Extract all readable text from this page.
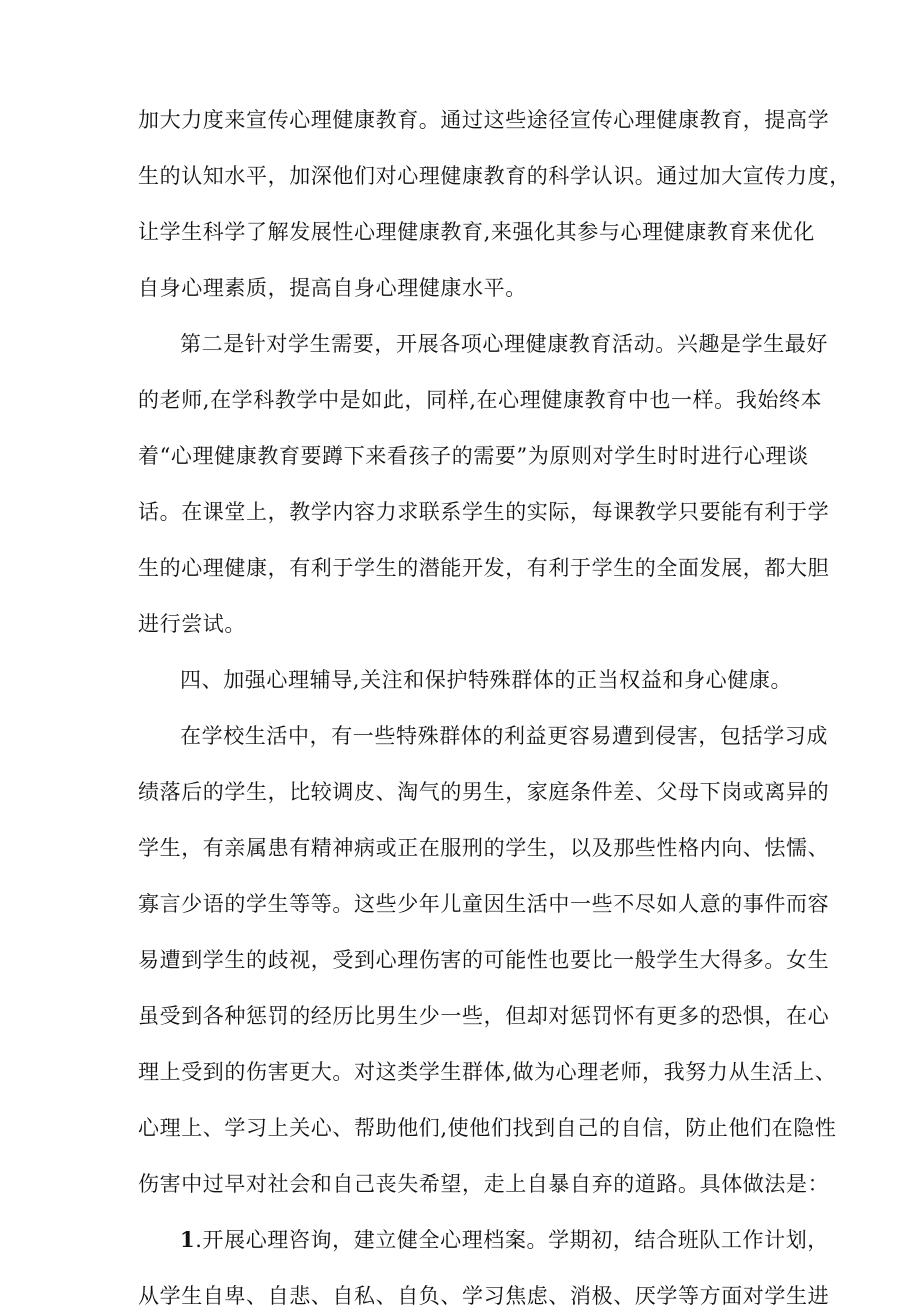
加大力度来宣传心理健康教育。通过这些途径宣传心理健康教育，提高学
生的认知水平，加深他们对心理健康教育的科学认识。通过加大宣传力度，
让学生科学了解发展性心理健康教育,来强化其参与心理健康教育来优化
自身心理素质，提高自身心理健康水平。
第二是针对学生需要，开展各项心理健康教育活动。兴趣是学生最好
的老师,在学科教学中是如此，同样,在心理健康教育中也一样。我始终本
着“心理健康教育要蹲下来看孩子的需要”为原则对学生时时进行心理谈
话。在课堂上，教学内容力求联系学生的实际，每课教学只要能有利于学
生的心理健康，有利于学生的潜能开发，有利于学生的全面发展，都大胆
进行尝试。
四、加强心理辅导,关注和保护特殊群体的正当权益和身心健康。
在学校生活中，有一些特殊群体的利益更容易遭到侵害，包括学习成
绩落后的学生，比较调皮、淘气的男生，家庭条件差、父母下岗或离异的
学生，有亲属患有精神病或正在服刑的学生，以及那些性格内向、怯懦、
寡言少语的学生等等。这些少年儿童因生活中一些不尽如人意的事件而容
易遭到学生的歧视，受到心理伤害的可能性也要比一般学生大得多。女生
虽受到各种惩罚的经历比男生少一些，但却对惩罚怀有更多的恐惧，在心
理上受到的伤害更大。对这类学生群体,做为心理老师，我努力从生活上、
心理上、学习上关心、帮助他们,使他们找到自己的自信，防止他们在隐性
伤害中过早对社会和自己丧失希望，走上自暴自弃的道路。具体做法是：
1.开展心理咨询，建立健全心理档案。学期初，结合班队工作计划，
从学生自卑、自悲、自私、自负、学习焦虑、消极、厌学等方面对学生进
